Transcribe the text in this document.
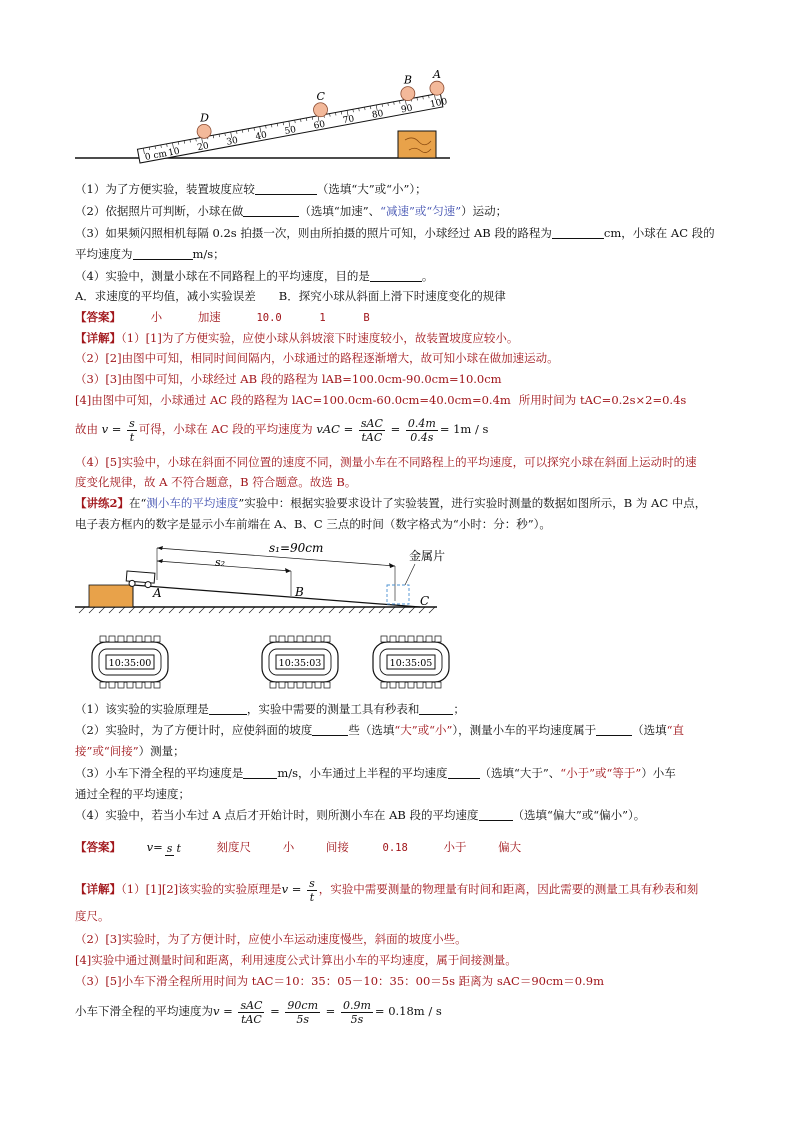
0 cm 10 20 30 40 50 60 70 80 90 100
D
C
B A
（1）为了方便实验，装置坡度应较	（选填“大”或“小”）；
（2）依据照片可判断，小球在做	（选填“加速”、“减速”或“匀速”）运动；
（3）如果频闪照相机每隔 0.2s 拍摄一次，则由所拍摄的照片可知，小球经过 AB 段的路程为	cm，小球在 AC 段的
平均速度为	m/s；
（4）实验中，测量小球在不同路程上的平均速度，目的是	。
A．求速度的平均值，减小实验误差　　B．探究小球从斜面上滑下时速度变化的规律
【答案】	小	加速	10.0	1	B
【详解】（1）[1]为了方便实验，应使小球从斜坡滚下时速度较小，故装置坡度应较小。
（2）[2]由图中可知，相同时间间隔内，小球通过的路程逐渐增大，故可知小球在做加速运动。
（3）[3]由图中可知，小球经过 AB 段的路程为 lAB=100.0cm-90.0cm=10.0cm
[4]由图中可知，小球通过 AC 段的路程为 lAC=100.0cm-60.0cm=40.0cm=0.4m 所用时间为 tAC=0.2s×2=0.4s
故由 $v = \frac{s}{t}$ 可得，小球在 AC 段的平均速度为 vAC = $\frac{\text{sAC}}{\text{tAC}} = \frac{0.4m}{0.4s} = 1m / s$
（4）[5]实验中，小球在斜面不同位置的速度不同，测量小车在不同路程上的平均速度，可以探究小球在斜面上运动时的速
度变化规律，故 A 不符合题意，B 符合题意。故选 B。
【讲练2】在“测小车的平均速度”实验中：根据实验要求设计了实验装置，进行实验时测量的数据如图所示，B 为 AC 中点，
电子表方框内的数字是显示小车前端在 A、B、C 三点的时间（数字格式为“小时：分：秒”）。
s₁=90cm
s₂	金属片
A	B
C
10:35:00	10:35:03	10:35:05
（1）该实验的实验原理是	，实验中需要的测量工具有秒表和	；
（2）实验时，为了方便计时，应使斜面的坡度	些（选填“大”或“小”），测量小车的平均速度属于	（选填“直
接”或“间接”）测量；
（3）小车下滑全程的平均速度是	m/s，小车通过上半程的平均速度	（选填“大于”、“小于”或“等于”）小车
通过全程的平均速度；
（4）实验中，若当小车过 A 点后才开始计时，则所测小车在 AB 段的平均速度	（选填“偏大”或“偏小”）。
【答案】 v=s t	刻度尺	小	间接	0.18	小于	偏大
【详解】（1）[1][2]该实验的实验原理是$v = \frac{s}{t}$ ，实验中需要测量的物理量有时间和距离，因此需要的测量工具有秒表和刻
度尺。
（2）[3]实验时，为了方便计时，应使小车运动速度慢些，斜面的坡度小些。
[4]实验中通过测量时间和距离，利用速度公式计算出小车的平均速度，属于间接测量。
（3）[5]小车下滑全程所用时间为 tAC＝10：35：05－10：35：00＝5s 距离为 sAC＝90cm＝0.9m
小车下滑全程的平均速度为$v = \frac{\text{sAC}}{\text{tAC}} = \frac{90cm}{5s} = \frac{0.9m}{5s} = 0.18m / s$
